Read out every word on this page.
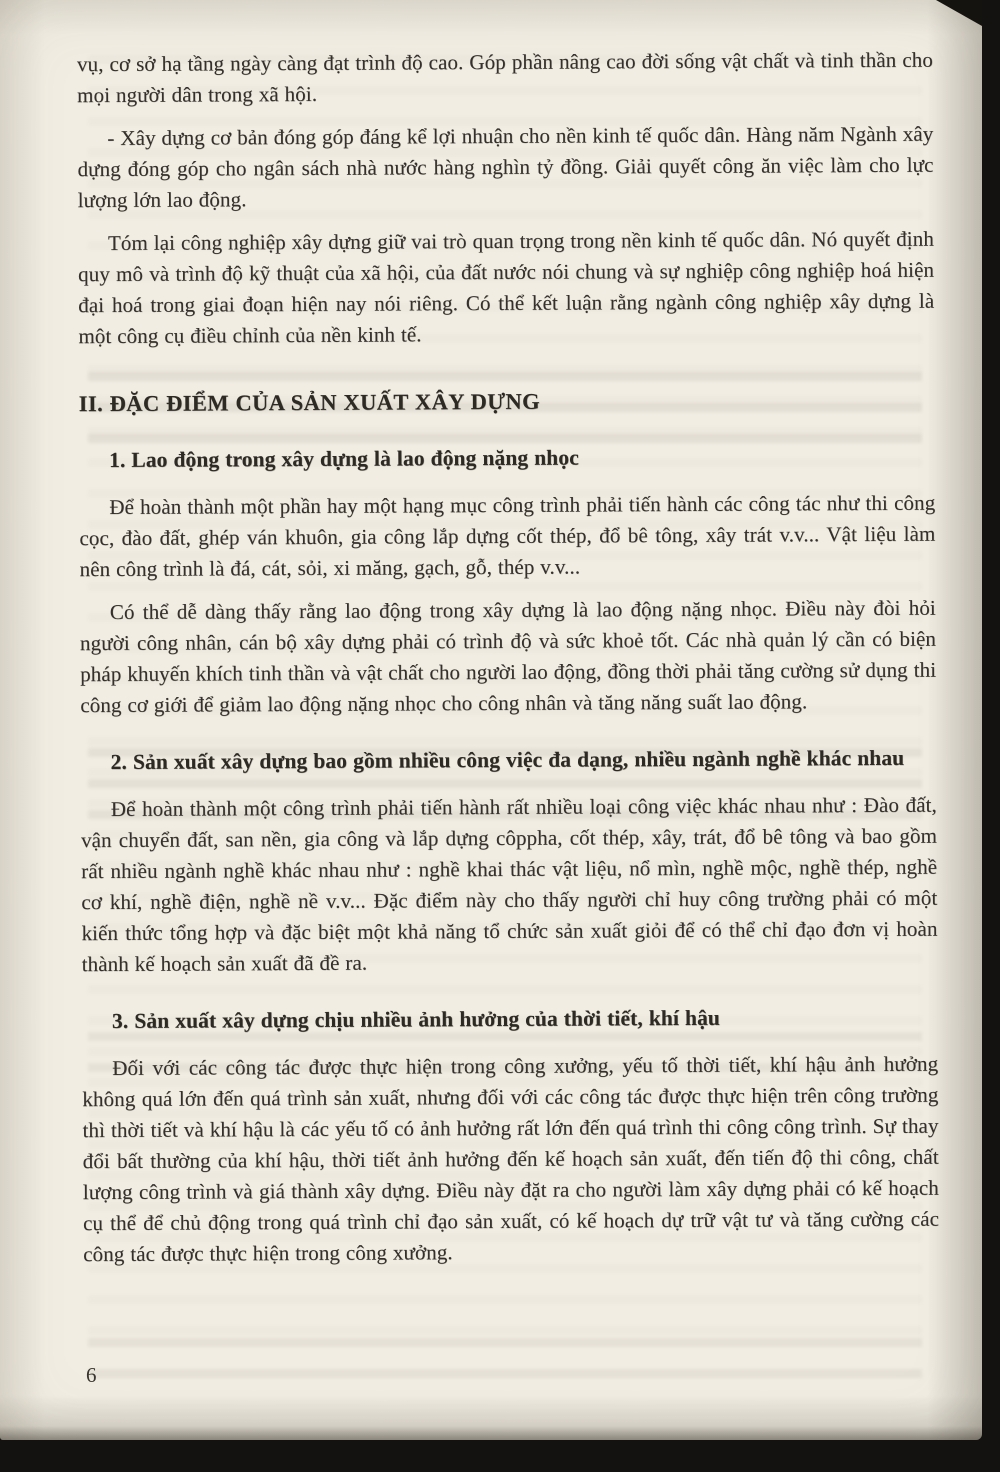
vụ, cơ sở hạ tầng ngày càng đạt trình độ cao. Góp phần nâng cao đời sống vật chất và tinh thần cho mọi người dân trong xã hội.

- Xây dựng cơ bản đóng góp đáng kể lợi nhuận cho nền kinh tế quốc dân. Hàng năm Ngành xây dựng đóng góp cho ngân sách nhà nước hàng nghìn tỷ đồng. Giải quyết công ăn việc làm cho lực lượng lớn lao động.

Tóm lại công nghiệp xây dựng giữ vai trò quan trọng trong nền kinh tế quốc dân. Nó quyết định quy mô và trình độ kỹ thuật của xã hội, của đất nước nói chung và sự nghiệp công nghiệp hoá hiện đại hoá trong giai đoạn hiện nay nói riêng. Có thể kết luận rằng ngành công nghiệp xây dựng là một công cụ điều chỉnh của nền kinh tế.

II. ĐẶC ĐIỂM CỦA SẢN XUẤT XÂY DỰNG
1. Lao động trong xây dựng là lao động nặng nhọc

Để hoàn thành một phần hay một hạng mục công trình phải tiến hành các công tác như thi công cọc, đào đất, ghép ván khuôn, gia công lắp dựng cốt thép, đổ bê tông, xây trát v.v... Vật liệu làm nên công trình là đá, cát, sỏi, xi măng, gạch, gỗ, thép v.v...

Có thể dễ dàng thấy rằng lao động trong xây dựng là lao động nặng nhọc. Điều này đòi hỏi người công nhân, cán bộ xây dựng phải có trình độ và sức khoẻ tốt. Các nhà quản lý cần có biện pháp khuyến khích tinh thần và vật chất cho người lao động, đồng thời phải tăng cường sử dụng thi công cơ giới để giảm lao động nặng nhọc cho công nhân và tăng năng suất lao động.

2. Sản xuất xây dựng bao gồm nhiều công việc đa dạng, nhiều ngành nghề khác nhau

Để hoàn thành một công trình phải tiến hành rất nhiều loại công việc khác nhau như : Đào đất, vận chuyển đất, san nền, gia công và lắp dựng côppha, cốt thép, xây, trát, đổ bê tông và bao gồm rất nhiều ngành nghề khác nhau như : nghề khai thác vật liệu, nổ mìn, nghề mộc, nghề thép, nghề cơ khí, nghề điện, nghề nề v.v... Đặc điểm này cho thấy người chỉ huy công trường phải có một kiến thức tổng hợp và đặc biệt một khả năng tổ chức sản xuất giỏi để có thể chỉ đạo đơn vị hoàn thành kế hoạch sản xuất đã đề ra.

3. Sản xuất xây dựng chịu nhiều ảnh hưởng của thời tiết, khí hậu

Đối với các công tác được thực hiện trong công xưởng, yếu tố thời tiết, khí hậu ảnh hưởng không quá lớn đến quá trình sản xuất, nhưng đối với các công tác được thực hiện trên công trường thì thời tiết và khí hậu là các yếu tố có ảnh hưởng rất lớn đến quá trình thi công công trình. Sự thay đổi bất thường của khí hậu, thời tiết ảnh hưởng đến kế hoạch sản xuất, đến tiến độ thi công, chất lượng công trình và giá thành xây dựng. Điều này đặt ra cho người làm xây dựng phải có kế hoạch cụ thể để chủ động trong quá trình chỉ đạo sản xuất, có kế hoạch dự trữ vật tư và tăng cường các công tác được thực hiện trong công xưởng.

6
